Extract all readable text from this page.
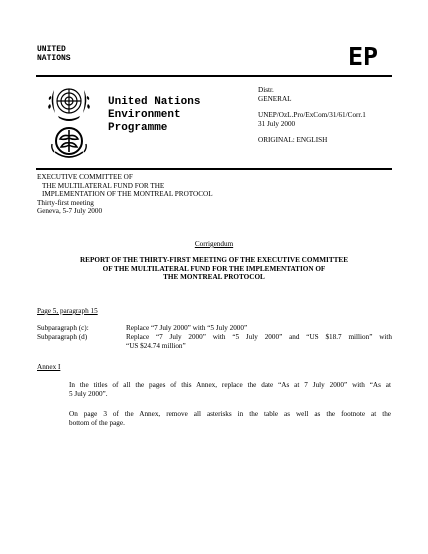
UNITED
NATIONS	EP
United Nations
Environment
Programme
Distr.
GENERAL
UNEP/OzL.Pro/ExCom/31/61/Corr.1
31 July 2000
ORIGINAL: ENGLISH
EXECUTIVE COMMITTEE OF
THE MULTILATERAL FUND FOR THE
IMPLEMENTATION OF THE MONTREAL PROTOCOL
Thirty-first meeting
Geneva, 5-7 July 2000
Corrigendum
REPORT OF THE THIRTY-FIRST MEETING OF THE EXECUTIVE COMMITTEE
OF THE MULTILATERAL FUND FOR THE IMPLEMENTATION OF
THE MONTREAL PROTOCOL
Page 5, paragraph 15
Subparagraph (c):	Replace “7 July 2000” with “5 July 2000”
Subparagraph (d)	Replace “7 July 2000” with “5 July 2000” and “US $18.7 million” with
“US $24.74 million”
Annex I
In the titles of all the pages of this Annex, replace the date “As at 7 July 2000” with “As at
5 July 2000”.
On page 3 of the Annex, remove all asterisks in the table as well as the footnote at the
bottom of the page.
